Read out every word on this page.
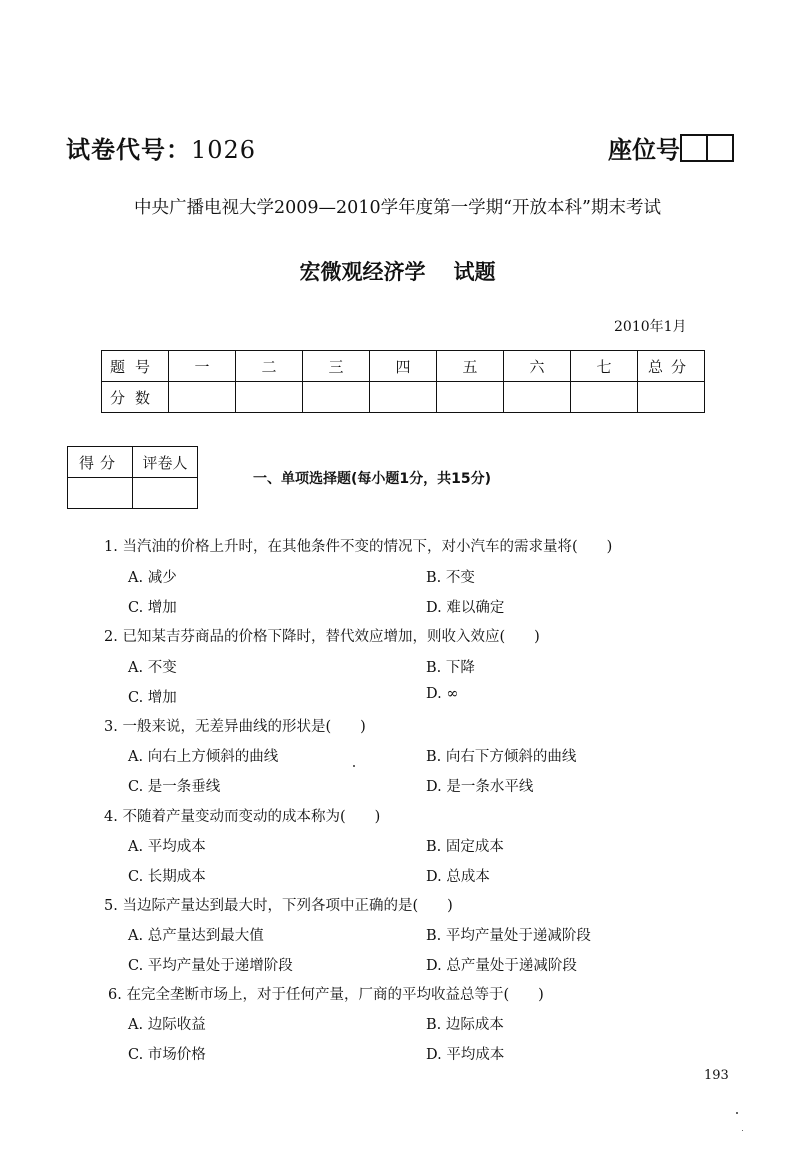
试卷代号：1026	座位号
中央广播电视大学2009—2010学年度第一学期“开放本科”期末考试
宏微观经济学 试题
2010年1月
题号	一	二	三	四	五	六	七	总分
分数								
得分	评卷人

一、单项选择题(每小题1分，共15分)
1. 当汽油的价格上升时，在其他条件不变的情况下，对小汽车的需求量将(　　)
A. 减少	B. 不变
C. 增加	D. 难以确定
2. 已知某吉芬商品的价格下降时，替代效应增加，则收入效应(　　)
A. 不变	B. 下降
C. 增加	D. ∞
3. 一般来说，无差异曲线的形状是(　　)
A. 向右上方倾斜的曲线	B. 向右下方倾斜的曲线
C. 是一条垂线	D. 是一条水平线
4. 不随着产量变动而变动的成本称为(　　)
A. 平均成本	B. 固定成本
C. 长期成本	D. 总成本
5. 当边际产量达到最大时，下列各项中正确的是(　　)
A. 总产量达到最大值	B. 平均产量处于递减阶段
C. 平均产量处于递增阶段	D. 总产量处于递减阶段
6. 在完全垄断市场上，对于任何产量，厂商的平均收益总等于(　　)
A. 边际收益	B. 边际成本
C. 市场价格	D. 平均成本
193
